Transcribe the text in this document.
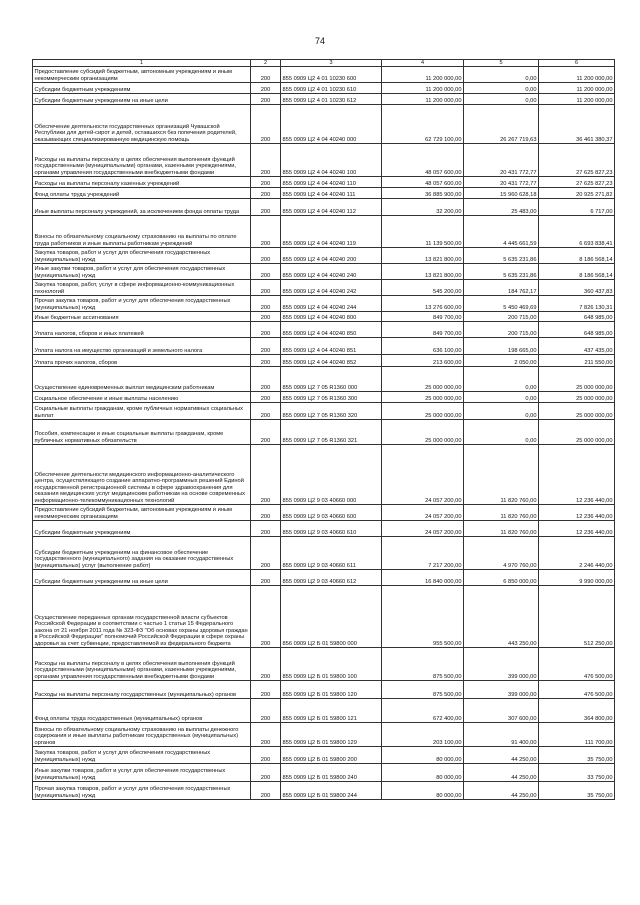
74
1	2	3	4	5	6
Предоставление субсидий бюджетным, автономным учреждениям и иным некоммерческим организациям	200	855 0909 Ц2 4 01 10230 600	11 200 000,00	0,00	11 200 000,00
Субсидии бюджетным учреждениям	200	855 0909 Ц2 4 01 10230 610	11 200 000,00	0,00	11 200 000,00
Субсидии бюджетным учреждениям на иные цели	200	855 0909 Ц2 4 01 10230 612	11 200 000,00	0,00	11 200 000,00
Обеспечение деятельности государственных организаций Чувашской Республики для детей-сирот и детей, оставшихся без попечения родителей, оказывающих специализированную медицинскую помощь	200	855 0909 Ц2 4 04 40240 000	62 729 100,00	26 267 719,63	36 461 380,37
Расходы на выплаты персоналу в целях обеспечения выполнения функций государственными (муниципальными) органами, казенными учреждениями, органами управления государственными внебюджетными фондами	200	855 0909 Ц2 4 04 40240 100	48 057 600,00	20 431 772,77	27 625 827,23
Расходы на выплаты персоналу казенных учреждений	200	855 0909 Ц2 4 04 40240 110	48 057 600,00	20 431 772,77	27 625 827,23
Фонд оплаты труда учреждений	200	855 0909 Ц2 4 04 40240 111	36 885 900,00	15 960 628,18	20 925 271,82
Иные выплаты персоналу учреждений, за исключением фонда оплаты труда	200	855 0909 Ц2 4 04 40240 112	32 200,00	25 483,00	6 717,00
Взносы по обязательному социальному страхованию на выплаты по оплате труда работников и иные выплаты работникам учреждений	200	855 0909 Ц2 4 04 40240 119	11 139 500,00	4 445 661,59	6 693 838,41
Закупка товаров, работ и услуг для обеспечения государственных (муниципальных) нужд	200	855 0909 Ц2 4 04 40240 200	13 821 800,00	5 635 231,86	8 186 568,14
Иные закупки товаров, работ и услуг для обеспечения государственных (муниципальных) нужд	200	855 0909 Ц2 4 04 40240 240	13 821 800,00	5 635 231,86	8 186 568,14
Закупка товаров, работ, услуг в сфере информационно-коммуникационных технологий	200	855 0909 Ц2 4 04 40240 242	545 200,00	184 762,17	360 437,83
Прочая закупка товаров, работ и услуг для обеспечения государственных (муниципальных) нужд	200	855 0909 Ц2 4 04 40240 244	13 276 600,00	5 450 469,69	7 826 130,31
Иные бюджетные ассигнования	200	855 0909 Ц2 4 04 40240 800	849 700,00	200 715,00	648 985,00
Уплата налогов, сборов и иных платежей	200	855 0909 Ц2 4 04 40240 850	849 700,00	200 715,00	648 985,00
Уплата налога на имущество организаций и земельного налога	200	855 0909 Ц2 4 04 40240 851	636 100,00	198 665,00	437 435,00
Уплата прочих налогов, сборов	200	855 0909 Ц2 4 04 40240 852	213 600,00	2 050,00	211 550,00
Осуществление единовременных выплат медицинским работникам	200	855 0909 Ц2 7 05 R1360 000	25 000 000,00	0,00	25 000 000,00
Социальное обеспечение и иные выплаты населению	200	855 0909 Ц2 7 05 R1360 300	25 000 000,00	0,00	25 000 000,00
Социальные выплаты гражданам, кроме публичных нормативных социальных выплат	200	855 0909 Ц2 7 05 R1360 320	25 000 000,00	0,00	25 000 000,00
Пособия, компенсации и иные социальные выплаты гражданам, кроме публичных нормативных обязательств	200	855 0909 Ц2 7 05 R1360 321	25 000 000,00	0,00	25 000 000,00
Обеспечение деятельности медицинского информационно-аналитического центра, осуществляющего создание аппаратно-программных решений Единой государственной регистрационной системы в сфере здравоохранения для оказания медицинских услуг медицинским работникам на основе современных информационно-телекоммуникационных технологий	200	855 0909 Ц2 9 03 40660 000	24 057 200,00	11 820 760,00	12 236 440,00
Предоставление субсидий бюджетным, автономным учреждениям и иным некоммерческим организациям	200	855 0909 Ц2 9 03 40660 600	24 057 200,00	11 820 760,00	12 236 440,00
Субсидии бюджетным учреждениям	200	855 0909 Ц2 9 03 40660 610	24 057 200,00	11 820 760,00	12 236 440,00
Субсидии бюджетным учреждениям на финансовое обеспечение государственного (муниципального) задания на оказание государственных (муниципальных) услуг (выполнение работ)	200	855 0909 Ц2 9 03 40660 611	7 217 200,00	4 970 760,00	2 246 440,00
Субсидии бюджетным учреждениям на иные цели	200	855 0909 Ц2 9 03 40660 612	16 840 000,00	6 850 000,00	9 990 000,00
Осуществление переданных органам государственной власти субъектов Российской Федерации в соответствии с частью 1 статьи 15 Федерального закона от 21 ноября 2011 года № 323-ФЗ "Об основах охраны здоровья граждан в Российской Федерации" полномочий Российской Федерации в сфере охраны здоровья за счет субвенции, предоставляемой из федерального бюджета	200	856 0909 Ц2 Б 01 59800 000	955 500,00	443 250,00	512 250,00
Расходы на выплаты персоналу в целях обеспечения выполнения функций государственными (муниципальными) органами, казенными учреждениями, органами управления государственными внебюджетными фондами	200	855 0909 Ц2 Б 01 59800 100	875 500,00	399 000,00	476 500,00
Расходы на выплаты персоналу государственных (муниципальных) органов	200	855 0909 Ц2 Б 01 59800 120	875 500,00	399 000,00	476 500,00
Фонд оплаты труда государственных (муниципальных) органов	200	855 0909 Ц2 Б 01 59800 121	672 400,00	307 600,00	364 800,00
Взносы по обязательному социальному страхованию на выплаты денежного содержания и иные выплаты работникам государственных (муниципальных) органов	200	855 0909 Ц2 Б 01 59800 129	203 100,00	91 400,00	111 700,00
Закупка товаров, работ и услуг для обеспечения государственных (муниципальных) нужд	200	855 0909 Ц2 Б 01 59800 200	80 000,00	44 250,00	35 750,00
Иные закупки товаров, работ и услуг для обеспечения государственных (муниципальных) нужд	200	855 0909 Ц2 Б 01 59800 240	80 000,00	44 250,00	33 750,00
Прочая закупка товаров, работ и услуг для обеспечения государственных (муниципальных) нужд	200	855 0909 Ц2 Б 01 59800 244	80 000,00	44 250,00	35 750,00
